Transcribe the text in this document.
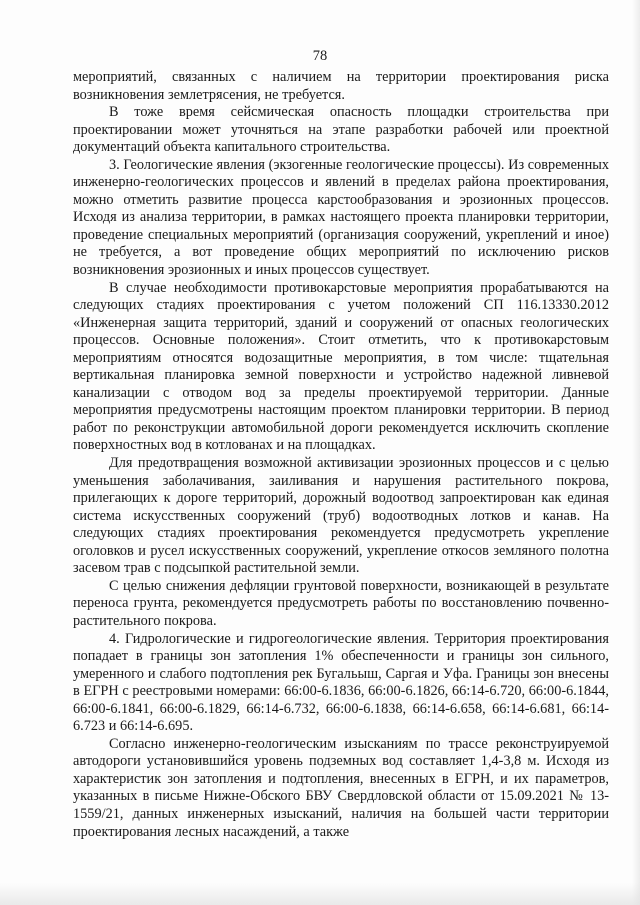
78

мероприятий, связанных с наличием на территории проектирования риска возникновения землетрясения, не требуется.

В тоже время сейсмическая опасность площадки строительства при проектировании может уточняться на этапе разработки рабочей или проектной документаций объекта капитального строительства.

3. Геологические явления (экзогенные геологические процессы). Из современных инженерно-геологических процессов и явлений в пределах района проектирования, можно отметить развитие процесса карстообразования и эрозионных процессов. Исходя из анализа территории, в рамках настоящего проекта планировки территории, проведение специальных мероприятий (организация сооружений, укреплений и иное) не требуется, а вот проведение общих мероприятий по исключению рисков возникновения эрозионных и иных процессов существует.

В случае необходимости противокарстовые мероприятия прорабатываются на следующих стадиях проектирования с учетом положений СП 116.13330.2012 «Инженерная защита территорий, зданий и сооружений от опасных геологических процессов. Основные положения». Стоит отметить, что к противокарстовым мероприятиям относятся водозащитные мероприятия, в том числе: тщательная вертикальная планировка земной поверхности и устройство надежной ливневой канализации с отводом вод за пределы проектируемой территории. Данные мероприятия предусмотрены настоящим проектом планировки территории. В период работ по реконструкции автомобильной дороги рекомендуется исключить скопление поверхностных вод в котлованах и на площадках.

Для предотвращения возможной активизации эрозионных процессов и с целью уменьшения заболачивания, заиливания и нарушения растительного покрова, прилегающих к дороге территорий, дорожный водоотвод запроектирован как единая система искусственных сооружений (труб) водоотводных лотков и канав. На следующих стадиях проектирования рекомендуется предусмотреть укрепление оголовков и русел искусственных сооружений, укрепление откосов земляного полотна засевом трав с подсыпкой растительной земли.

С целью снижения дефляции грунтовой поверхности, возникающей в результате переноса грунта, рекомендуется предусмотреть работы по восстановлению почвенно-растительного покрова.

4. Гидрологические и гидрогеологические явления. Территория проектирования попадает в границы зон затопления 1% обеспеченности и границы зон сильного, умеренного и слабого подтопления рек Бугальыш, Саргая и Уфа. Границы зон внесены в ЕГРН с реестровыми номерами: 66:00-6.1836, 66:00-6.1826, 66:14-6.720, 66:00-6.1844, 66:00-6.1841, 66:00-6.1829, 66:14-6.732, 66:00-6.1838, 66:14-6.658, 66:14-6.681, 66:14-6.723 и 66:14-6.695.

Согласно инженерно-геологическим изысканиям по трассе реконструируемой автодороги установившийся уровень подземных вод составляет 1,4-3,8 м. Исходя из характеристик зон затопления и подтопления, внесенных в ЕГРН, и их параметров, указанных в письме Нижне-Обского БВУ Свердловской области от 15.09.2021 № 13-1559/21, данных инженерных изысканий, наличия на большей части территории проектирования лесных насаждений, а также
